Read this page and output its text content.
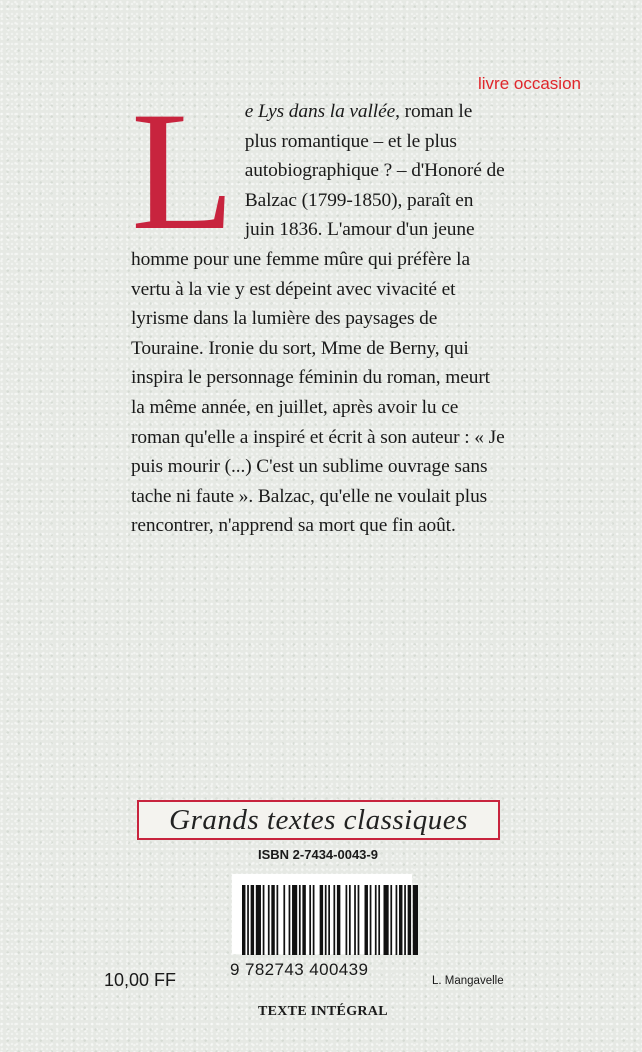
livre occasion
L e Lys dans la vallée, roman le plus romantique – et le plus autobiographique ? – d'Honoré de Balzac (1799-1850), paraît en juin 1836. L'amour d'un jeune homme pour une femme mûre qui préfère la vertu à la vie y est dépeint avec vivacité et lyrisme dans la lumière des paysages de Touraine. Ironie du sort, Mme de Berny, qui inspira le personnage féminin du roman, meurt la même année, en juillet, après avoir lu ce roman qu'elle a inspiré et écrit à son auteur : « Je puis mourir (...) C'est un sublime ouvrage sans tache ni faute ». Balzac, qu'elle ne voulait plus rencontrer, n'apprend sa mort que fin août.
Grands textes classiques
ISBN 2-7434-0043-9
9 782743 400439
10,00 FF	L. Mangavelle
TEXTE INTÉGRAL
